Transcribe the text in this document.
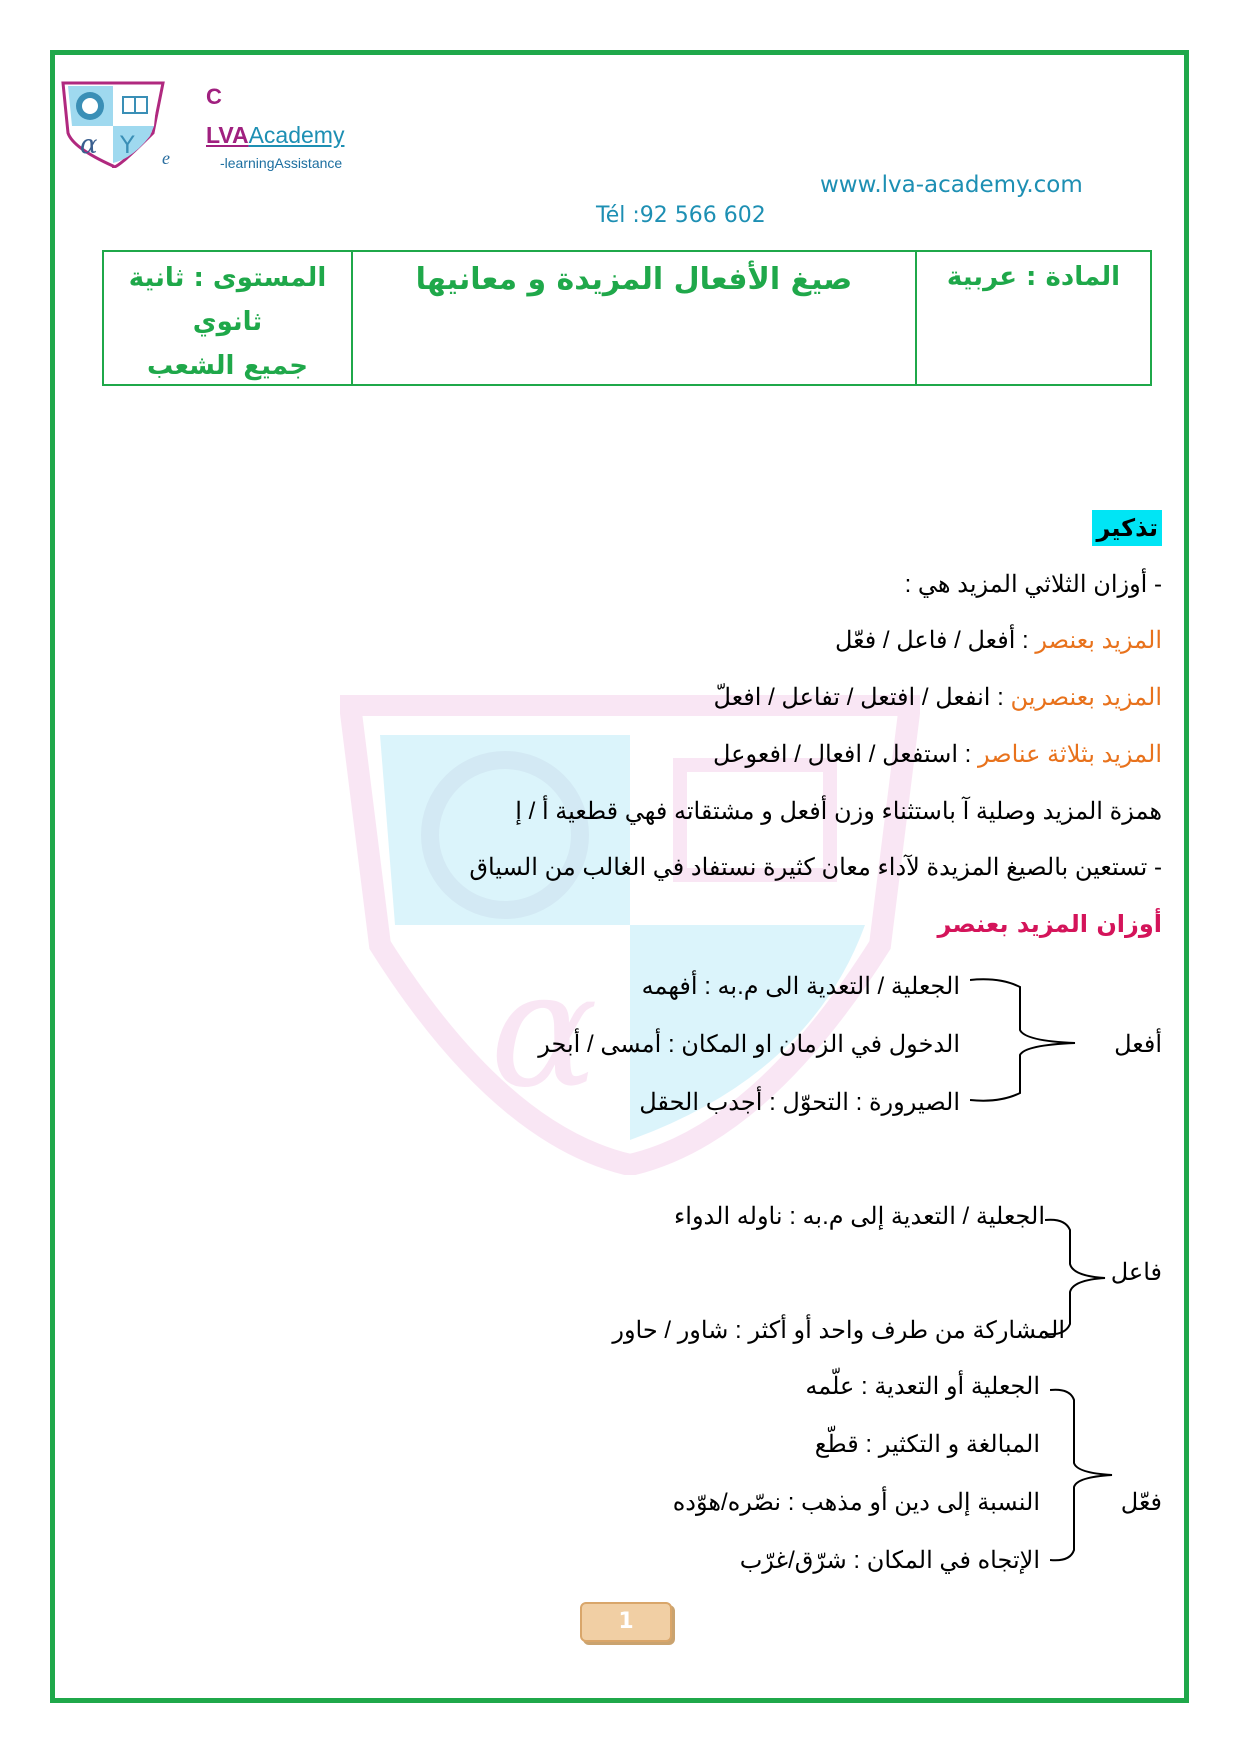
α Y
C
e
LVAAcademy
-learningAssistance
www.lva-academy.com
Tél :92 566 602
المادة : عربية
صيغ الأفعال المزيدة و معانيها
المستوى : ثانية
ثانوي
جميع الشعب
α
تذكير
- أوزان الثلاثي المزيد هي :
المزيد بعنصر : أفعل / فاعل / فعّل
المزيد بعنصرين : انفعل / افتعل / تفاعل / افعلّ
المزيد بثلاثة عناصر : استفعل / افعال / افعوعل
همزة المزيد وصلية آ باستثناء وزن أفعل و مشتقاته فهي قطعية أ / إ
- تستعين بالصيغ المزيدة لآداء معان كثيرة نستفاد في الغالب من السياق
أوزان المزيد بعنصر
أفعل
الجعلية / التعدية الى م.به : أفهمه
الدخول في الزمان او المكان : أمسى / أبحر
الصيرورة : التحوّل : أجدب الحقل
فاعل
الجعلية / التعدية إلى م.به : ناوله الدواء
المشاركة من طرف واحد أو أكثر : شاور / حاور
فعّل
الجعلية أو التعدية : علّمه
المبالغة و التكثير : قطّع
النسبة إلى دين أو مذهب : نصّره/هوّده
الإتجاه في المكان : شرّق/غرّب
1
